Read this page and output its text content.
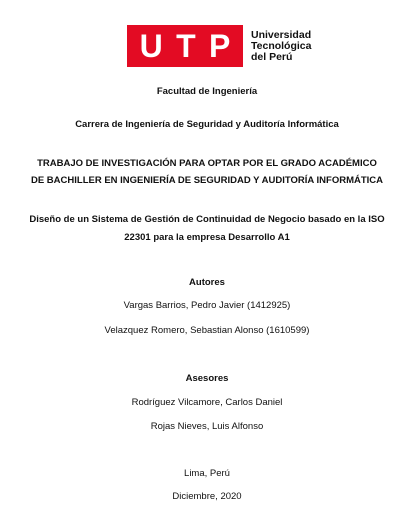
U T P Universidad
Tecnológica
del Perú
Facultad de Ingeniería
Carrera de Ingeniería de Seguridad y Auditoría Informática
TRABAJO DE INVESTIGACIÓN PARA OPTAR POR EL GRADO ACADÉMICO
DE BACHILLER EN INGENIERÍA DE SEGURIDAD Y AUDITORÍA INFORMÁTICA
Diseño de un Sistema de Gestión de Continuidad de Negocio basado en la ISO
22301 para la empresa Desarrollo A1
Autores
Vargas Barrios, Pedro Javier (1412925)
Velazquez Romero, Sebastian Alonso (1610599)
Asesores
Rodríguez Vilcamore, Carlos Daniel
Rojas Nieves, Luis Alfonso
Lima, Perú
Diciembre, 2020
